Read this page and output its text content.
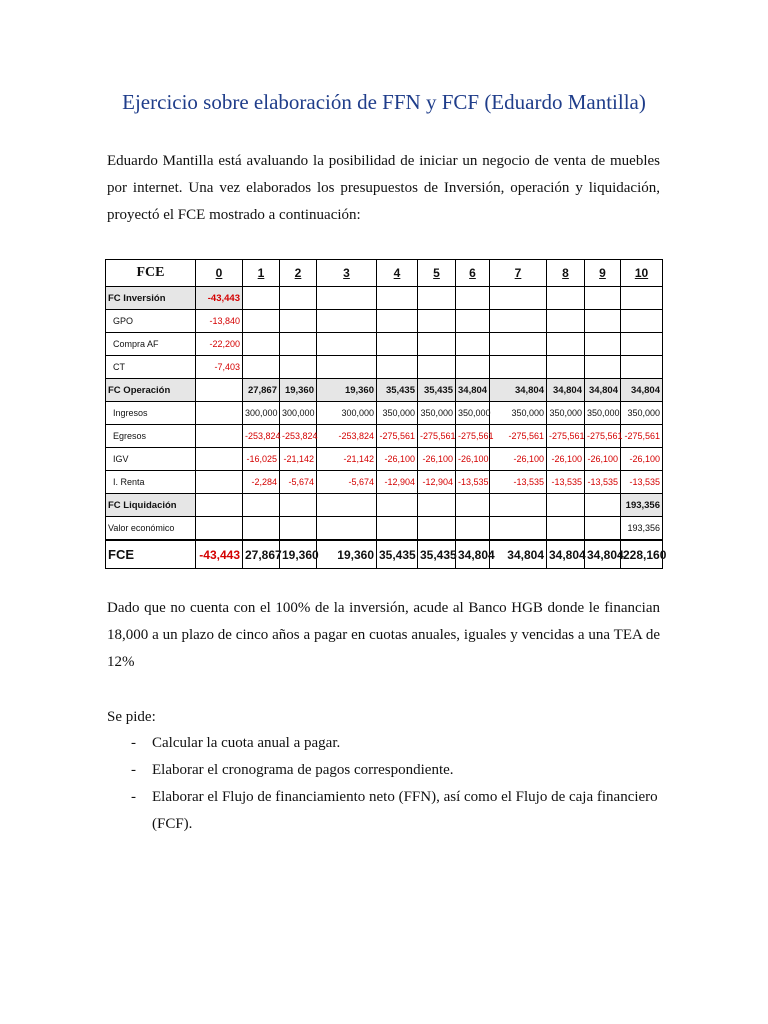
Ejercicio sobre elaboración de FFN y FCF (Eduardo Mantilla)

Eduardo Mantilla está avaluando la posibilidad de iniciar un negocio de venta de muebles por internet. Una vez elaborados los presupuestos de Inversión, operación y liquidación, proyectó el FCE mostrado a continuación:

FCE	0	1	2	3	4	5	6	7	8	9	10
FC Inversión	-43,443										
GPO	-13,840										
Compra AF	-22,200										
CT	-7,403										
FC Operación		27,867	19,360	19,360	35,435	35,435	34,804	34,804	34,804	34,804	34,804
Ingresos		300,000	300,000	300,000	350,000	350,000	350,000	350,000	350,000	350,000	350,000
Egresos		-253,824	-253,824	-253,824	-275,561	-275,561	-275,561	-275,561	-275,561	-275,561	-275,561
IGV		-16,025	-21,142	-21,142	-26,100	-26,100	-26,100	-26,100	-26,100	-26,100	-26,100
I. Renta		-2,284	-5,674	-5,674	-12,904	-12,904	-13,535	-13,535	-13,535	-13,535	-13,535
FC Liquidación											193,356
Valor económico											193,356
FCE	-43,443	27,867	19,360	19,360	35,435	35,435	34,804	34,804	34,804	34,804	228,160

Dado que no cuenta con el 100% de la inversión, acude al Banco HGB donde le financian 18,000 a un plazo de cinco años a pagar en cuotas anuales, iguales y vencidas a una TEA de 12%

Se pide:

- Calcular la cuota anual a pagar.
- Elaborar el cronograma de pagos correspondiente.
- Elaborar el Flujo de financiamiento neto (FFN), así como el Flujo de caja financiero (FCF).
